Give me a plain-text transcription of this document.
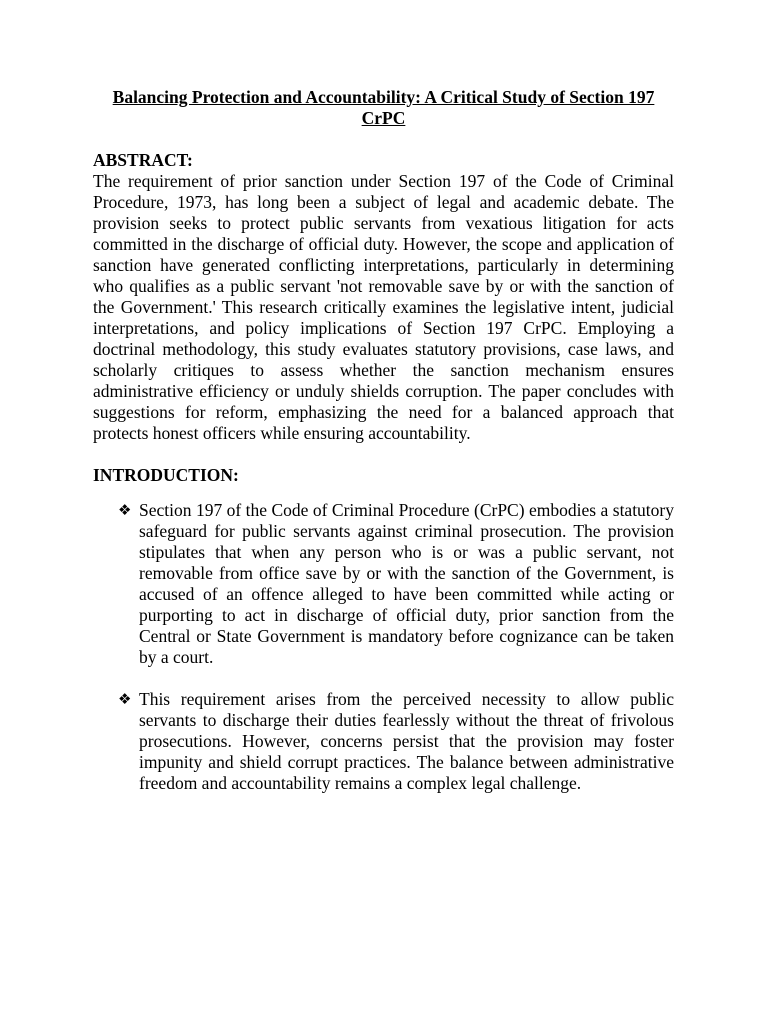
Balancing Protection and Accountability: A Critical Study of Section 197 CrPC
ABSTRACT:

The requirement of prior sanction under Section 197 of the Code of Criminal Procedure, 1973, has long been a subject of legal and academic debate. The provision seeks to protect public servants from vexatious litigation for acts committed in the discharge of official duty. However, the scope and application of sanction have generated conflicting interpretations, particularly in determining who qualifies as a public servant 'not removable save by or with the sanction of the Government.' This research critically examines the legislative intent, judicial interpretations, and policy implications of Section 197 CrPC. Employing a doctrinal methodology, this study evaluates statutory provisions, case laws, and scholarly critiques to assess whether the sanction mechanism ensures administrative efficiency or unduly shields corruption. The paper concludes with suggestions for reform, emphasizing the need for a balanced approach that protects honest officers while ensuring accountability.

INTRODUCTION:
❖ Section 197 of the Code of Criminal Procedure (CrPC) embodies a statutory safeguard for public servants against criminal prosecution. The provision stipulates that when any person who is or was a public servant, not removable from office save by or with the sanction of the Government, is accused of an offence alleged to have been committed while acting or purporting to act in discharge of official duty, prior sanction from the Central or State Government is mandatory before cognizance can be taken by a court.
❖ This requirement arises from the perceived necessity to allow public servants to discharge their duties fearlessly without the threat of frivolous prosecutions. However, concerns persist that the provision may foster impunity and shield corrupt practices. The balance between administrative freedom and accountability remains a complex legal challenge.
